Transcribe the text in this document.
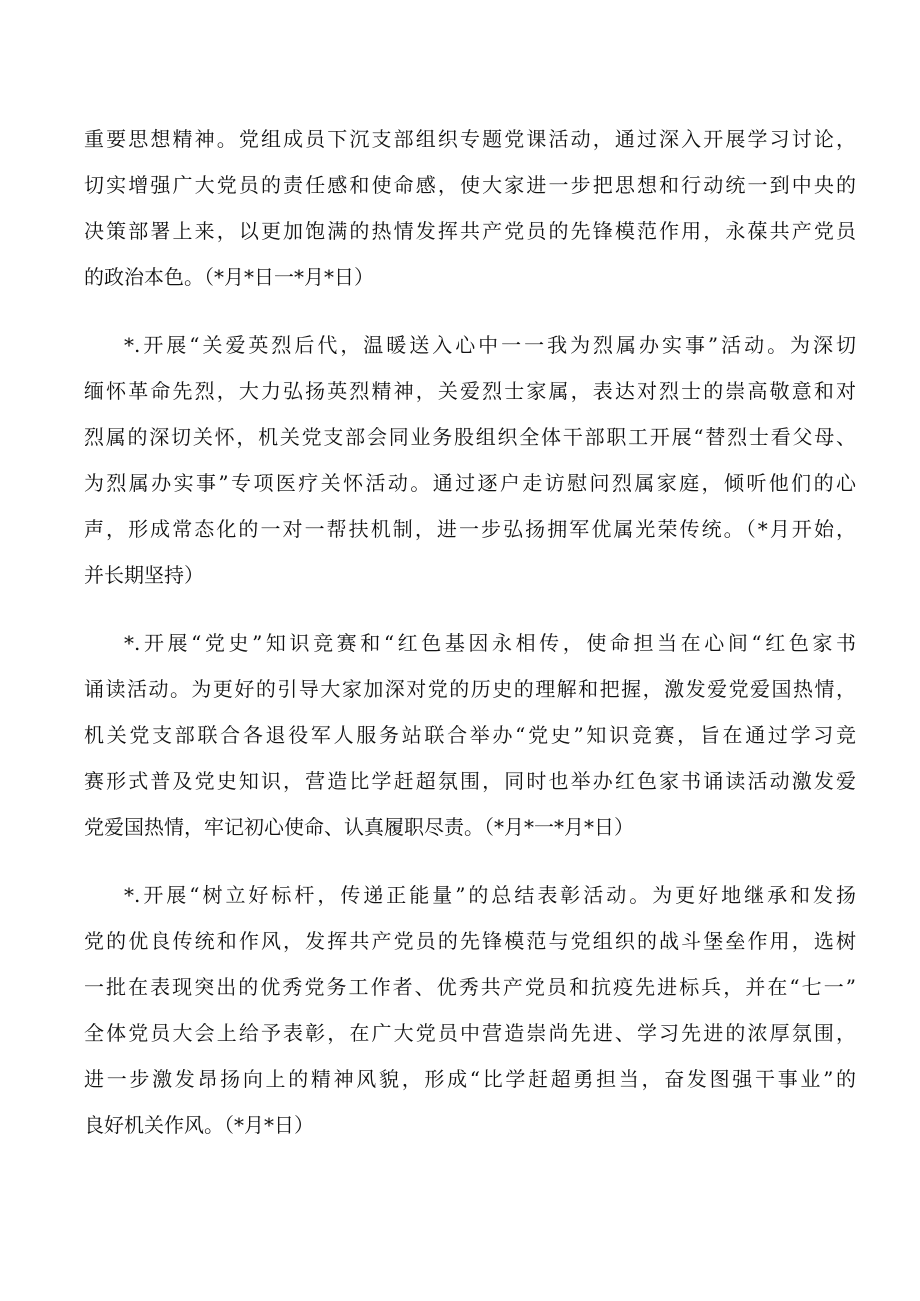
重要思想精神。党组成员下沉支部组织专题党课活动，通过深入开展学习讨论，
切实增强广大党员的责任感和使命感，使大家进一步把思想和行动统一到中央的
决策部署上来，以更加饱满的热情发挥共产党员的先锋模范作用，永葆共产党员
的政治本色。（*月*日一*月*日）
*.开展“关爱英烈后代，温暖送入心中一一我为烈属办实事”活动。为深切
缅怀革命先烈，大力弘扬英烈精神，关爱烈士家属，表达对烈士的崇高敬意和对
烈属的深切关怀，机关党支部会同业务股组织全体干部职工开展“替烈士看父母、
为烈属办实事”专项医疗关怀活动。通过逐户走访慰问烈属家庭，倾听他们的心
声，形成常态化的一对一帮扶机制，进一步弘扬拥军优属光荣传统。（*月开始，
并长期坚持）
*.开展“党史”知识竞赛和“红色基因永相传，使命担当在心间“红色家书
诵读活动。为更好的引导大家加深对党的历史的理解和把握，激发爱党爱国热情，
机关党支部联合各退役军人服务站联合举办“党史”知识竞赛，旨在通过学习竞
赛形式普及党史知识，营造比学赶超氛围，同时也举办红色家书诵读活动激发爱
党爱国热情，牢记初心使命、认真履职尽责。（*月*一*月*日）
*.开展“树立好标杆，传递正能量”的总结表彰活动。为更好地继承和发扬
党的优良传统和作风，发挥共产党员的先锋模范与党组织的战斗堡垒作用，选树
一批在表现突出的优秀党务工作者、优秀共产党员和抗疫先进标兵，并在“七一”
全体党员大会上给予表彰，在广大党员中营造崇尚先进、学习先进的浓厚氛围，
进一步激发昂扬向上的精神风貌，形成“比学赶超勇担当，奋发图强干事业”的
良好机关作风。（*月*日）
